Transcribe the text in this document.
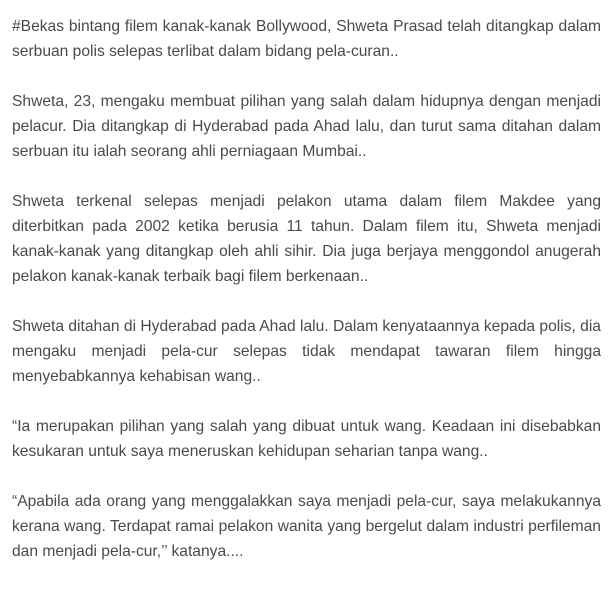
#Bekas bintang filem kanak-kanak Bollywood, Shweta Prasad telah ditangkap dalam serbuan polis selepas terlibat dalam bidang pela-curan..

Shweta, 23, mengaku membuat pilihan yang salah dalam hidupnya dengan menjadi pelacur. Dia ditangkap di Hyderabad pada Ahad lalu, dan turut sama ditahan dalam serbuan itu ialah seorang ahli perniagaan Mumbai..

Shweta terkenal selepas menjadi pelakon utama dalam filem Makdee yang diterbitkan pada 2002 ketika berusia 11 tahun. Dalam filem itu, Shweta menjadi kanak-kanak yang ditangkap oleh ahli sihir. Dia juga berjaya menggondol anugerah pelakon kanak-kanak terbaik bagi filem berkenaan..

Shweta ditahan di Hyderabad pada Ahad lalu. Dalam kenyataannya kepada polis, dia mengaku menjadi pela-cur selepas tidak mendapat tawaran filem hingga menyebabkannya kehabisan wang..

“Ia merupakan pilihan yang salah yang dibuat untuk wang. Keadaan ini disebabkan kesukaran untuk saya meneruskan kehidupan seharian tanpa wang..

“Apabila ada orang yang menggalakkan saya menjadi pela-cur, saya melakukannya kerana wang. Terdapat ramai pelakon wanita yang bergelut dalam industri perfileman dan menjadi pela-cur,’’ katanya....
